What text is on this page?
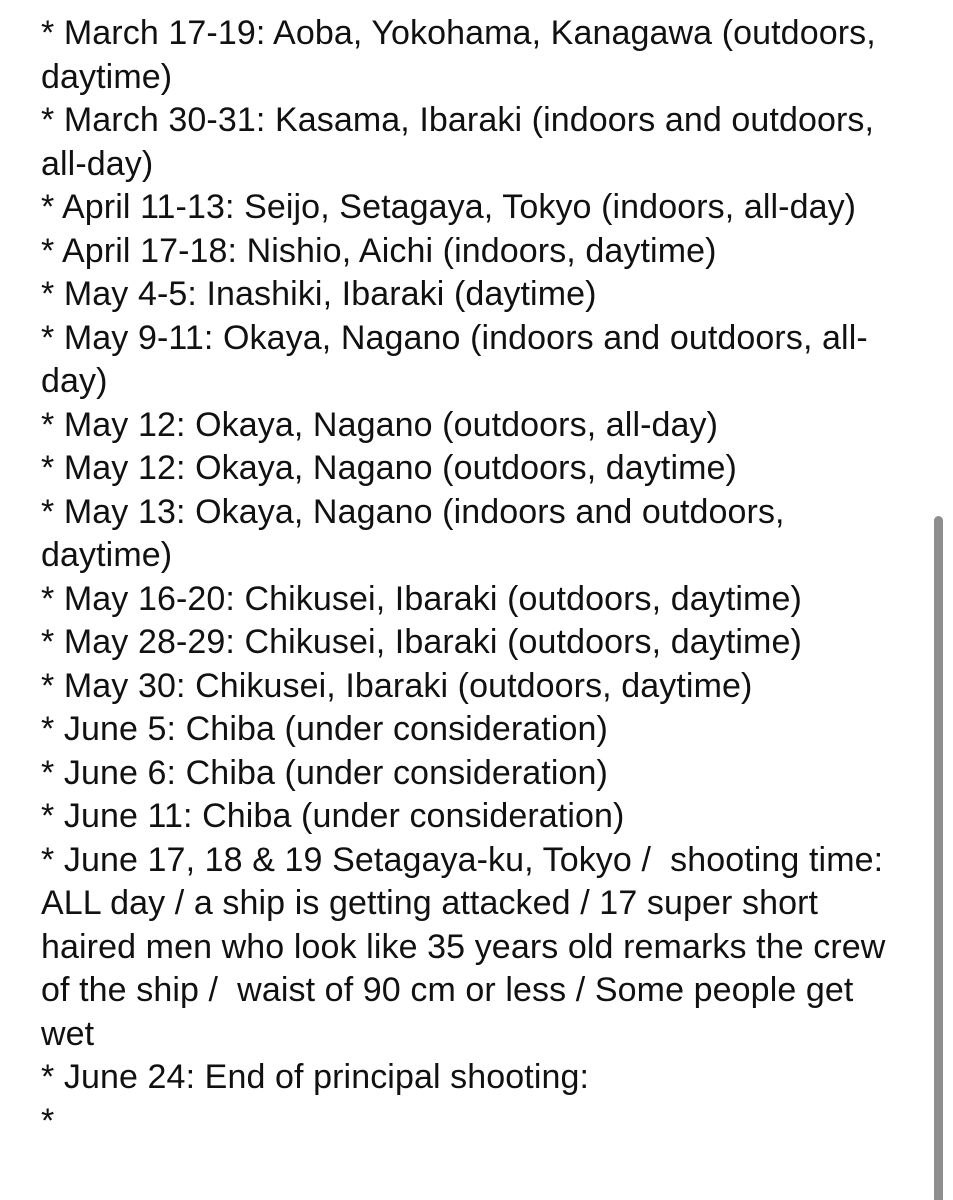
* March 17-19: Aoba, Yokohama, Kanagawa (outdoors, daytime)
* March 30-31: Kasama, Ibaraki (indoors and outdoors, all-day)
* April 11-13: Seijo, Setagaya, Tokyo (indoors, all-day)
* April 17-18: Nishio, Aichi (indoors, daytime)
* May 4-5: Inashiki, Ibaraki (daytime)
* May 9-11: Okaya, Nagano (indoors and outdoors, all-day)
* May 12: Okaya, Nagano (outdoors, all-day)
* May 12: Okaya, Nagano (outdoors, daytime)
* May 13: Okaya, Nagano (indoors and outdoors, daytime)
* May 16-20: Chikusei, Ibaraki (outdoors, daytime)
* May 28-29: Chikusei, Ibaraki (outdoors, daytime)
* May 30: Chikusei, Ibaraki (outdoors, daytime)
* June 5: Chiba (under consideration)
* June 6: Chiba (under consideration)
* June 11: Chiba (under consideration)
* June 17, 18 & 19 Setagaya-ku, Tokyo /  shooting time: ALL day / a ship is getting attacked / 17 super short haired men who look like 35 years old remarks the crew of the ship /  waist of 90 cm or less / Some people get wet
* June 24: End of principal shooting:
*
